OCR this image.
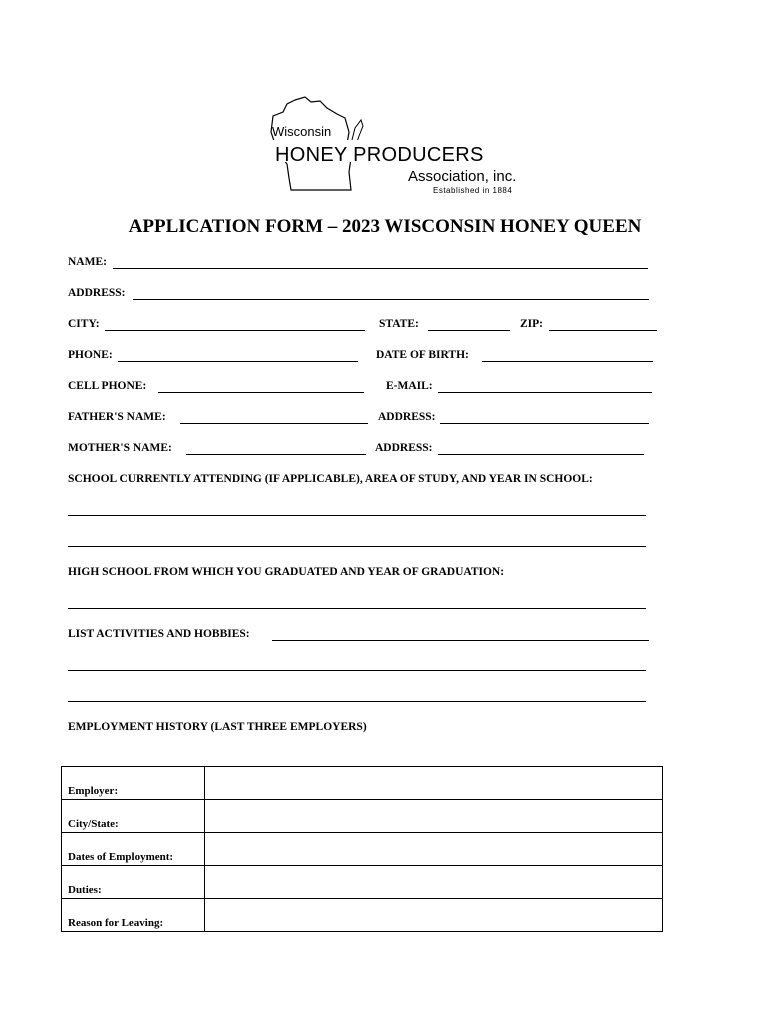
Wisconsin
HONEY PRODUCERS
Association, inc.
Established in 1884
APPLICATION FORM – 2023 WISCONSIN HONEY QUEEN
NAME:
ADDRESS:
CITY:	STATE:	ZIP:
PHONE:	DATE OF BIRTH:
CELL PHONE:	E-MAIL:
FATHER'S NAME:	ADDRESS:
MOTHER'S NAME:	ADDRESS:
SCHOOL CURRENTLY ATTENDING (IF APPLICABLE), AREA OF STUDY, AND YEAR IN SCHOOL:
HIGH SCHOOL FROM WHICH YOU GRADUATED AND YEAR OF GRADUATION:
LIST ACTIVITIES AND HOBBIES:
EMPLOYMENT HISTORY (LAST THREE EMPLOYERS)
Employer:	
City/State:	
Dates of Employment:	
Duties:	
Reason for Leaving:	
